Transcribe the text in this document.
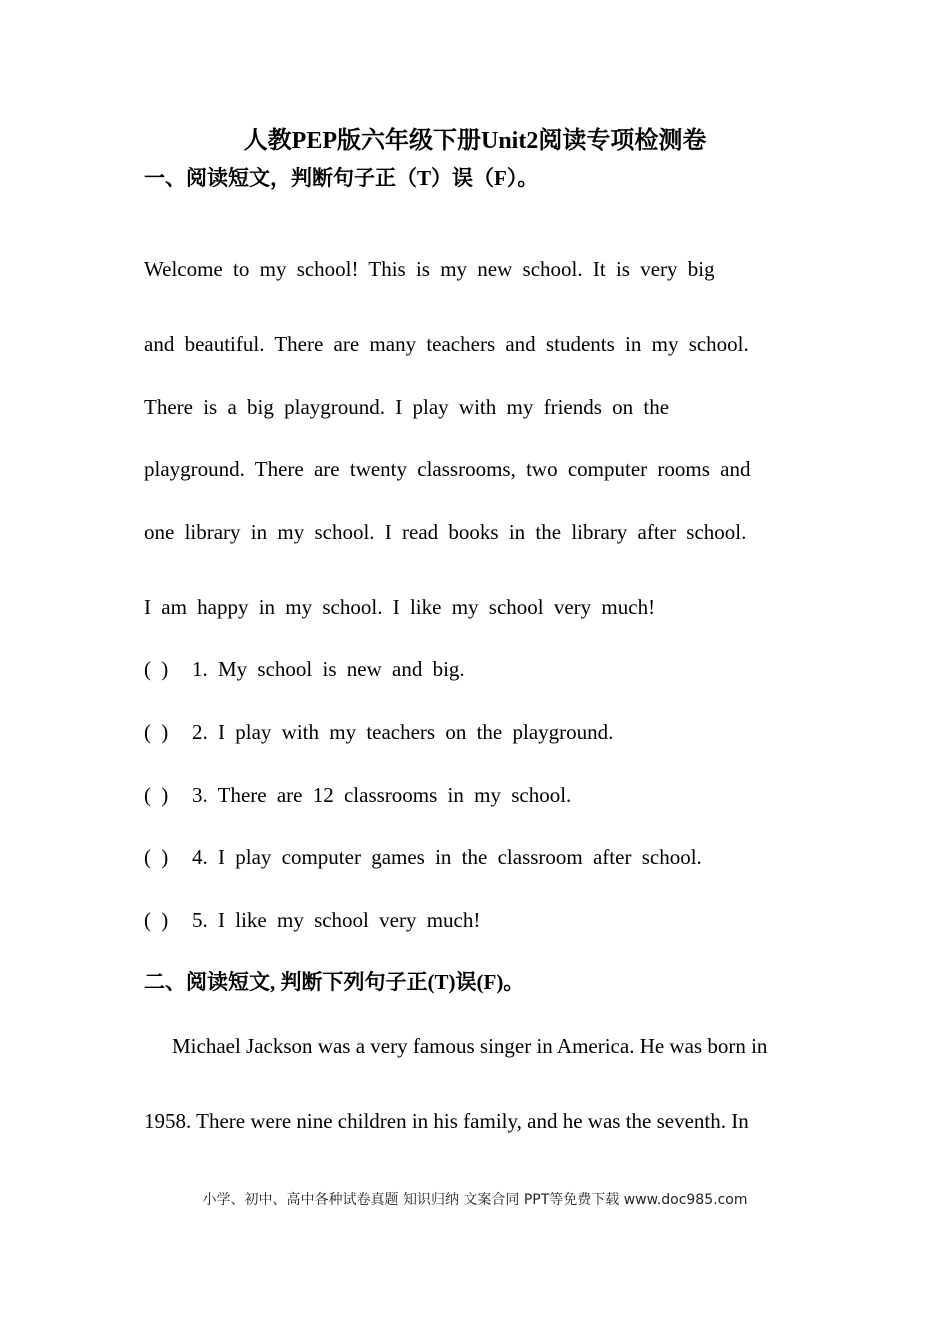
人教PEP版六年级下册Unit2阅读专项检测卷
一、阅读短文，判断句子正（T）误（F）。
Welcome to my school! This is my new school. It is very big
and beautiful. There are many teachers and students in my school.
There is a big playground. I play with my friends on the
playground. There are twenty classrooms, two computer rooms and
one library in my school. I read books in the library after school.
I am happy in my school. I like my school very much!
( ) 1. My school is new and big.
( ) 2. I play with my teachers on the playground.
( ) 3. There are 12 classrooms in my school.
( ) 4. I play computer games in the classroom after school.
( ) 5. I like my school very much!
二、阅读短文, 判断下列句子正(T)误(F)。
Michael Jackson was a very famous singer in America. He was born in
1958. There were nine children in his family, and he was the seventh. In
小学、初中、高中各种试卷真题 知识归纳 文案合同 PPT等免费下载 www.doc985.com
